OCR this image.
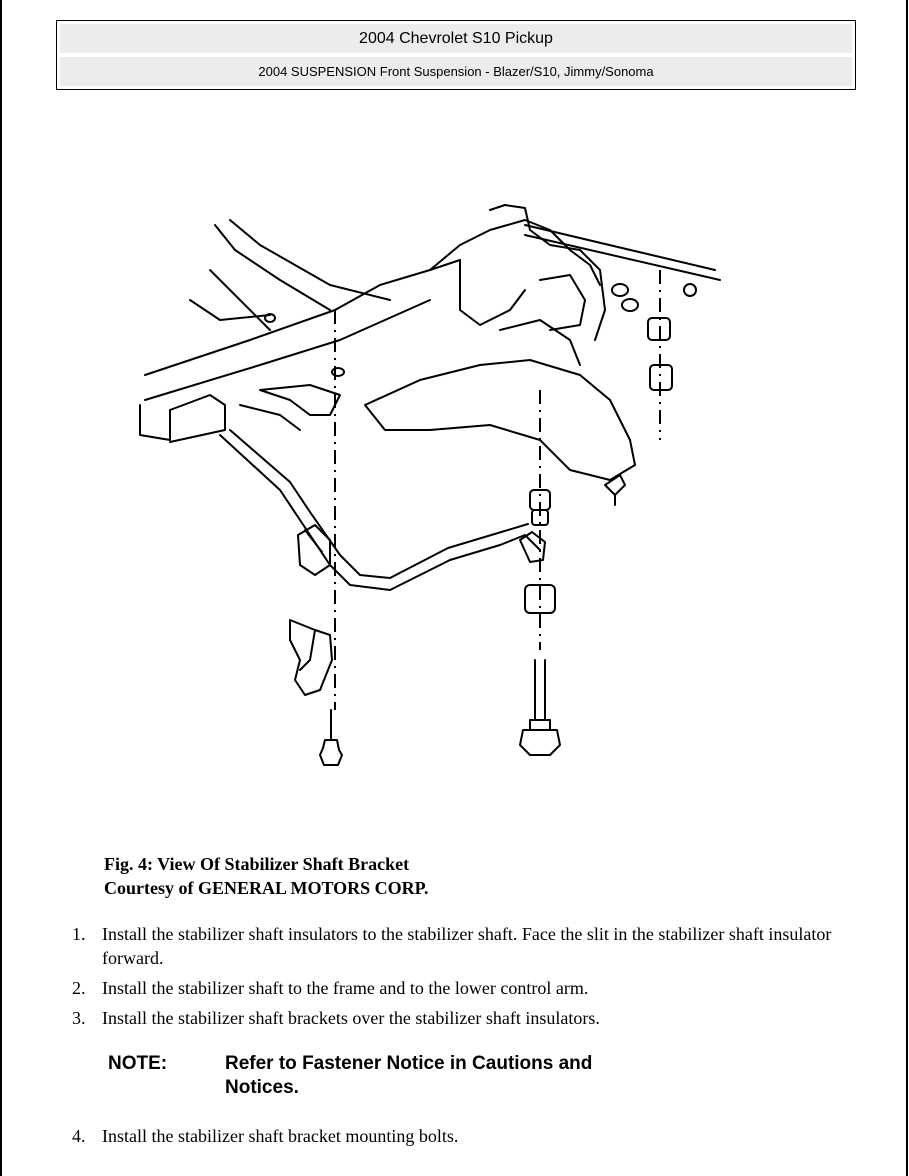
2004 Chevrolet S10 Pickup
2004 SUSPENSION Front Suspension - Blazer/S10, Jimmy/Sonoma
Fig. 4: View Of Stabilizer Shaft Bracket
Courtesy of GENERAL MOTORS CORP.
1. Install the stabilizer shaft insulators to the stabilizer shaft. Face the slit in the stabilizer shaft insulator forward.
2. Install the stabilizer shaft to the frame and to the lower control arm.
3. Install the stabilizer shaft brackets over the stabilizer shaft insulators.
NOTE:	Refer to Fastener Notice in Cautions and Notices.
4. Install the stabilizer shaft bracket mounting bolts.
